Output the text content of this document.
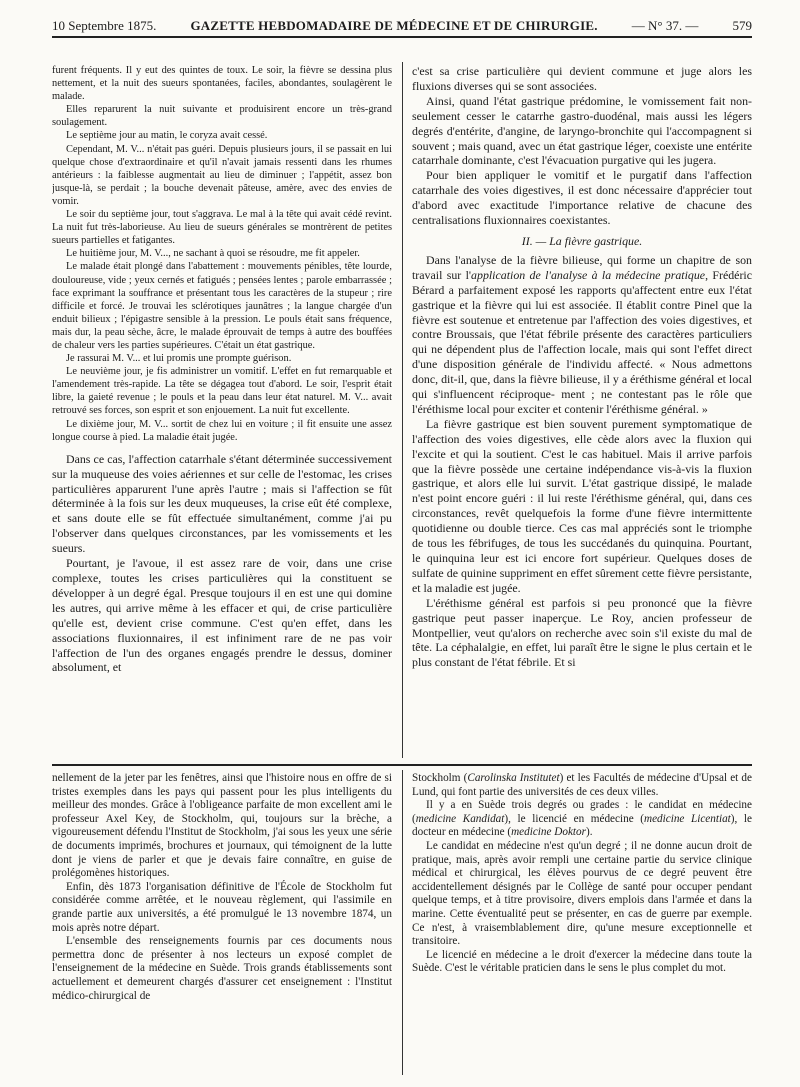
10 Septembre 1875.	GAZETTE HEBDOMADAIRE DE MÉDECINE ET DE CHIRURGIE.	— N° 37. —	579

furent fréquents. Il y eut des quintes de toux. Le soir, la fièvre se dessina plus nettement, et la nuit des sueurs spontanées, faciles, abondantes, soulagèrent le malade.

Elles reparurent la nuit suivante et produisirent encore un très-grand soulagement.

Le septième jour au matin, le coryza avait cessé.

Cependant, M. V... n'était pas guéri. Depuis plusieurs jours, il se passait en lui quelque chose d'extraordinaire et qu'il n'avait jamais ressenti dans les rhumes antérieurs : la faiblesse augmentait au lieu de diminuer ; l'appétit, assez bon jusque-là, se perdait ; la bouche devenait pâteuse, amère, avec des envies de vomir.

Le soir du septième jour, tout s'aggrava. Le mal à la tête qui avait cédé revint. La nuit fut très-laborieuse. Au lieu de sueurs générales se montrèrent de petites sueurs partielles et fatigantes.

Le huitième jour, M. V..., ne sachant à quoi se résoudre, me fit appeler.

Le malade était plongé dans l'abattement : mouvements pénibles, tête lourde, douloureuse, vide ; yeux cernés et fatigués ; pensées lentes ; parole embarrassée ; face exprimant la souffrance et présentant tous les caractères de la stupeur ; rire difficile et forcé. Je trouvai les sclérotiques jaunâtres ; la langue chargée d'un enduit bilieux ; l'épigastre sensible à la pression. Le pouls était sans fréquence, mais dur, la peau sèche, âcre, le malade éprouvait de temps à autre des bouffées de chaleur vers les parties supérieures. C'était un état gastrique.

Je rassurai M. V... et lui promis une prompte guérison.

Le neuvième jour, je fis administrer un vomitif. L'effet en fut remarquable et l'amendement très-rapide. La tête se dégagea tout d'abord. Le soir, l'esprit était libre, la gaieté revenue ; le pouls et la peau dans leur état naturel. M. V... avait retrouvé ses forces, son esprit et son enjouement. La nuit fut excellente.

Le dixième jour, M. V... sortit de chez lui en voiture ; il fit ensuite une assez longue course à pied. La maladie était jugée.

Dans ce cas, l'affection catarrhale s'étant déterminée successivement sur la muqueuse des voies aériennes et sur celle de l'estomac, les crises particulières apparurent l'une après l'autre ; mais si l'affection se fût déterminée à la fois sur les deux muqueuses, la crise eût été complexe, et sans doute elle se fût effectuée simultanément, comme j'ai pu l'observer dans quelques circonstances, par les vomissements et les sueurs.

Pourtant, je l'avoue, il est assez rare de voir, dans une crise complexe, toutes les crises particulières qui la constituent se développer à un degré égal. Presque toujours il en est une qui domine les autres, qui arrive même à les effacer et qui, de crise particulière qu'elle est, devient crise commune. C'est qu'en effet, dans les associations fluxionnaires, il est infiniment rare de ne pas voir l'affection de l'un des organes engagés prendre le dessus, dominer absolument, et

c'est sa crise particulière qui devient commune et juge alors les fluxions diverses qui se sont associées.

Ainsi, quand l'état gastrique prédomine, le vomissement fait non-seulement cesser le catarrhe gastro-duodénal, mais aussi les légers degrés d'entérite, d'angine, de laryngo-bronchite qui l'accompagnent si souvent ; mais quand, avec un état gastrique léger, coexiste une entérite catarrhale dominante, c'est l'évacuation purgative qui les jugera.

Pour bien appliquer le vomitif et le purgatif dans l'affection catarrhale des voies digestives, il est donc nécessaire d'apprécier tout d'abord avec exactitude l'importance relative de chacune des centralisations fluxionnaires coexistantes.

II. — La fièvre gastrique.

Dans l'analyse de la fièvre bilieuse, qui forme un chapitre de son travail sur l'application de l'analyse à la médecine pratique, Frédéric Bérard a parfaitement exposé les rapports qu'affectent entre eux l'état gastrique et la fièvre qui lui est associée. Il établit contre Pinel que la fièvre est soutenue et entretenue par l'affection des voies digestives, et contre Broussais, que l'état fébrile présente des caractères particuliers qui ne dépendent plus de l'affection locale, mais qui sont l'effet direct d'une disposition générale de l'individu affecté. « Nous admettons donc, dit-il, que, dans la fièvre bilieuse, il y a éréthisme général et local qui s'influencent réciproque- ment ; ne contestant pas le rôle que l'éréthisme local pour exciter et contenir l'éréthisme général. »

La fièvre gastrique est bien souvent purement symptomatique de l'affection des voies digestives, elle cède alors avec la fluxion qui l'excite et qui la soutient. C'est le cas habituel. Mais il arrive parfois que la fièvre possède une certaine indépendance vis-à-vis la fluxion gastrique, et alors elle lui survit. L'état gastrique dissipé, le malade n'est point encore guéri : il lui reste l'éréthisme général, qui, dans ces circonstances, revêt quelquefois la forme d'une fièvre intermittente quotidienne ou double tierce. Ces cas mal appréciés sont le triomphe de tous les fébrifuges, de tous les succédanés du quinquina. Pourtant, le quinquina leur est ici encore fort supérieur. Quelques doses de sulfate de quinine suppriment en effet sûrement cette fièvre persistante, et la maladie est jugée.

L'éréthisme général est parfois si peu prononcé que la fièvre gastrique peut passer inaperçue. Le Roy, ancien professeur de Montpellier, veut qu'alors on recherche avec soin s'il existe du mal de tête. La céphalalgie, en effet, lui paraît être le signe le plus certain et le plus constant de l'état fébrile. Et si

nellement de la jeter par les fenêtres, ainsi que l'histoire nous en offre de si tristes exemples dans les pays qui passent pour les plus intelligents du meilleur des mondes. Grâce à l'obligeance parfaite de mon excellent ami le professeur Axel Key, de Stockholm, qui, toujours sur la brèche, a vigoureusement défendu l'Institut de Stockholm, j'ai sous les yeux une série de documents imprimés, brochures et journaux, qui témoignent de la lutte dont je viens de parler et que je devais faire connaître, en guise de prolégomènes historiques.

Enfin, dès 1873 l'organisation définitive de l'École de Stockholm fut considérée comme arrêtée, et le nouveau règlement, qui l'assimile en grande partie aux universités, a été promulgué le 13 novembre 1874, un mois après notre départ.

L'ensemble des renseignements fournis par ces documents nous permettra donc de présenter à nos lecteurs un exposé complet de l'enseignement de la médecine en Suède. Trois grands établissements sont actuellement et demeurent chargés d'assurer cet enseignement : l'Institut médico-chirurgical de

Stockholm (Carolinska Institutet) et les Facultés de médecine d'Upsal et de Lund, qui font partie des universités de ces deux villes.

Il y a en Suède trois degrés ou grades : le candidat en médecine (medicine Kandidat), le licencié en médecine (medicine Licentiat), le docteur en médecine (medicine Doktor).

Le candidat en médecine n'est qu'un degré ; il ne donne aucun droit de pratique, mais, après avoir rempli une certaine partie du service clinique médical et chirurgical, les élèves pourvus de ce degré peuvent être accidentellement désignés par le Collège de santé pour occuper pendant quelque temps, et à titre provisoire, divers emplois dans l'armée et dans la marine. Cette éventualité peut se présenter, en cas de guerre par exemple. Ce n'est, à vraisemblablement dire, qu'une mesure exceptionnelle et transitoire.

Le licencié en médecine a le droit d'exercer la médecine dans toute la Suède. C'est le véritable praticien dans le sens le plus complet du mot.
